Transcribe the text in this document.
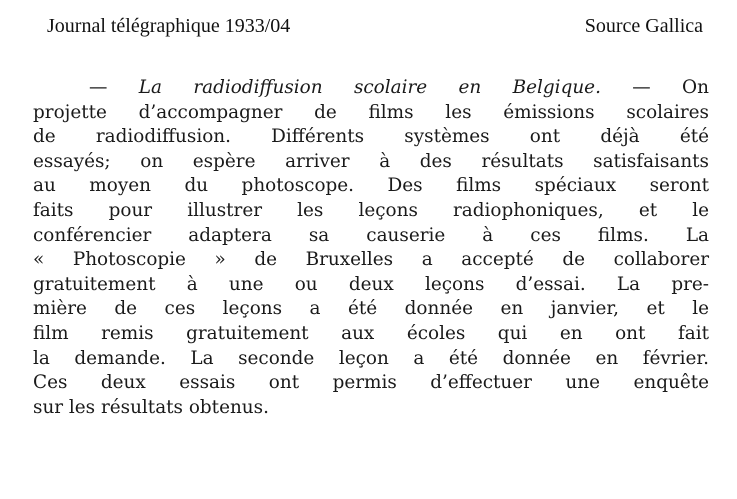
Journal télégraphique 1933/04	Source Gallica
— La radiodiffusion scolaire en Belgique. — On
projette d’accompagner de films les émissions scolaires
de radiodiffusion. Différents systèmes ont déjà été
essayés; on espère arriver à des résultats satisfaisants
au moyen du photoscope. Des films spéciaux seront
faits pour illustrer les leçons radiophoniques, et le
conférencier adaptera sa causerie à ces films. La
« Photoscopie » de Bruxelles a accepté de collaborer
gratuitement à une ou deux leçons d’essai. La pre-
mière de ces leçons a été donnée en janvier, et le
film remis gratuitement aux écoles qui en ont fait
la demande. La seconde leçon a été donnée en février.
Ces deux essais ont permis d’effectuer une enquête
sur les résultats obtenus.
